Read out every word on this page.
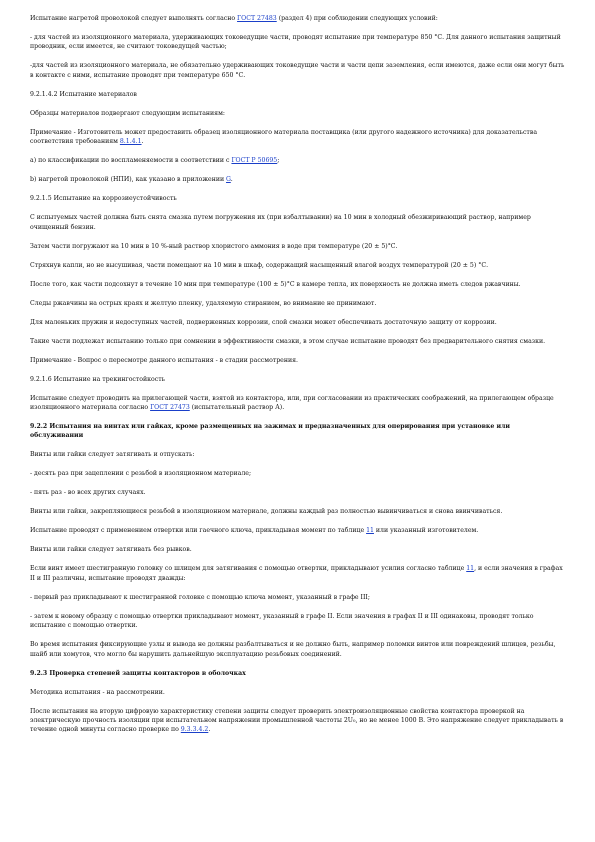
Испытание нагретой проволокой следует выполнять согласно ГОСТ 27483 (раздел 4) при соблюдении следующих условий:

- для частей из изоляционного материала, удерживающих токоведущие части, проводят испытание при температуре 850 °С. Для данного испытания защитный проводник, если имеется, не считают токоведущей частью;

-для частей из изоляционного материала, не обязательно удерживающих токоведущие части и части цепи заземления, если имеются, даже если они могут быть в контакте с ними, испытание проводят при температуре 650 °С.

9.2.1.4.2 Испытание материалов

Образцы материалов подвергают следующим испытаниям:

Примечание - Изготовитель может предоставить образец изоляционного материала поставщика (или другого надежного источника) для доказательства соответствия требованиям 8.1.4.1.

а) по классификации по воспламеняемости в соответствии с ГОСТ Р 50695;

b) нагретой проволокой (НПИ), как указано в приложении G.

9.2.1.5 Испытание на коррозиеустойчивость

С испытуемых частей должна быть снята смазка путем погружения их (при взбалтывании) на 10 мин в холодный обезжиривающий раствор, например очищенный бензин.

Затем части погружают на 10 мин в 10 %-ный раствор хлористого аммония в воде при температуре (20 ± 5)°С.

Стряхнув капли, но не высушивая, части помещают на 10 мин в шкаф, содержащий насыщенный влагой воздух температурой (20 ± 5) °С.

После того, как части подсохнут в течение 10 мин при температуре (100 ± 5)°С в камере тепла, их поверхность не должна иметь следов ржавчины.

Следы ржавчины на острых краях и желтую пленку, удаляемую стиранием, во внимание не принимают.

Для маленьких пружин и недоступных частей, подверженных коррозии, слой смазки может обеспечивать достаточную защиту от коррозии.

Такие части подлежат испытанию только при сомнении в эффективности смазки, в этом случае испытание проводят без предварительного снятия смазки.

Примечание - Вопрос о пересмотре данного испытания - в стадии рассмотрения.

9.2.1.6 Испытание на трекингостойкость

Испытание следует проводить на прилегающей части, взятой из контактора, или, при согласовании из практических соображений, на прилегающем образце изоляционного материала согласно ГОСТ 27473 (испытательный раствор А).

9.2.2 Испытания на винтах или гайках, кроме размещенных на зажимах и предназначенных для оперирования при установке или обслуживании

Винты или гайки следует затягивать и отпускать:

- десять раз при зацеплении с резьбой в изоляционном материале;

- пять раз - во всех других случаях.

Винты или гайки, закрепляющиеся резьбой в изоляционном материале, должны каждый раз полностью вывинчиваться и снова ввинчиваться.

Испытание проводят с применением отвертки или гаечного ключа, прикладывая момент по таблице 11 или указанный изготовителем.

Винты или гайки следует затягивать без рывков.

Если винт имеет шестигранную головку со шлицем для затягивания с помощью отвертки, прикладывают усилия согласно таблице 11, и если значения в графах II и III различны, испытание проводят дважды:

- первый раз прикладывают к шестигранной головке с помощью ключа момент, указанный в графе III;

- затем к новому образцу с помощью отвертки прикладывают момент, указанный в графе II. Если значения в графах II и III одинаковы, проводят только испытание с помощью отвертки.

Во время испытания фиксирующие узлы и вывода не должны разбалтываться и не должно быть, например поломки винтов или повреждений шлицев, резьбы, шайб или хомутов, что могло бы нарушить дальнейшую эксплуатацию резьбовых соединений.

9.2.3 Проверка степеней защиты контакторов в оболочках

Методика испытания - на рассмотрении.

После испытания на вторую цифровую характеристику степени защиты следует проверить электроизоляционные свойства контактора проверкой на электрическую прочность изоляции при испытательном напряжении промышленной частоты 2U₀, но не менее 1000 В. Это напряжение следует прикладывать в течение одной минуты согласно проверке по 9.3.3.4.2.
